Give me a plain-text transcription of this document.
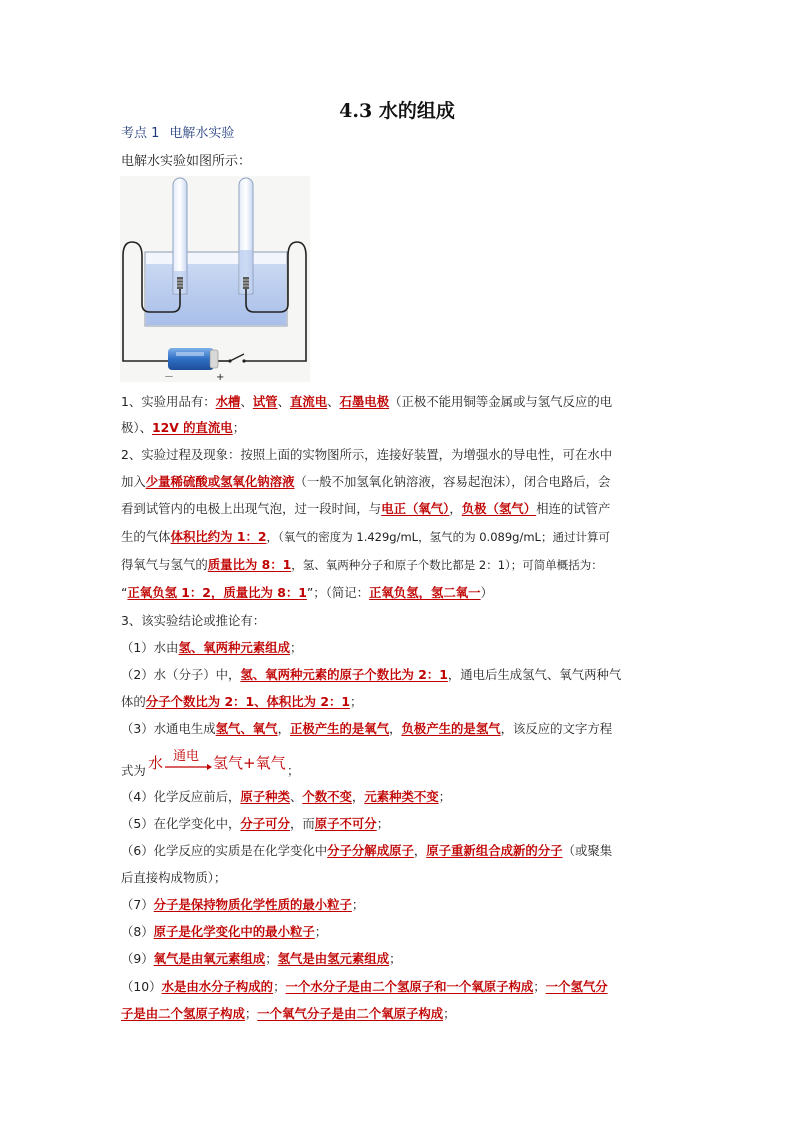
4.3 水的组成
考点 1 电解水实验
电解水实验如图所示：
－	+
1、实验用品有：水槽、试管、直流电、石墨电极（正极不能用铜等金属或与氢气反应的电
极）、12V 的直流电；
2、实验过程及现象：按照上面的实物图所示，连接好装置，为增强水的导电性，可在水中
加入少量稀硫酸或氢氧化钠溶液（一般不加氢氧化钠溶液，容易起泡沫），闭合电路后，会
看到试管内的电极上出现气泡，过一段时间，与电正（氧气），负极（氢气）相连的试管产
生的气体体积比约为 1：2，（氧气的密度为 1.429g/mL，氢气的为 0.089g/mL；通过计算可
得氧气与氢气的质量比为 8：1，氢、氧两种分子和原子个数比都是 2：1）；可简单概括为：
“正氧负氢 1：2，质量比为 8：1”；（简记：正氧负氢，氢二氧一）
3、该实验结论或推论有：
（1）水由氢、氧两种元素组成；
（2）水（分子）中，氢、氧两种元素的原子个数比为 2：1，通电后生成氢气、氧气两种气
体的分子个数比为 2：1、体积比为 2：1；
（3）水通电生成氢气、氧气，正极产生的是氧气，负极产生的是氢气，该反应的文字方程
式为 水 通电 → 氢气+氧气 ；
（4）化学反应前后，原子种类、个数不变，元素种类不变；
（5）在化学变化中，分子可分，而原子不可分；
（6）化学反应的实质是在化学变化中分子分解成原子，原子重新组合成新的分子（或聚集
后直接构成物质）；
（7）分子是保持物质化学性质的最小粒子；
（8）原子是化学变化中的最小粒子；
（9）氧气是由氧元素组成；氢气是由氢元素组成；
（10）水是由水分子构成的；一个水分子是由二个氢原子和一个氧原子构成；一个氢气分
子是由二个氢原子构成；一个氧气分子是由二个氧原子构成；
